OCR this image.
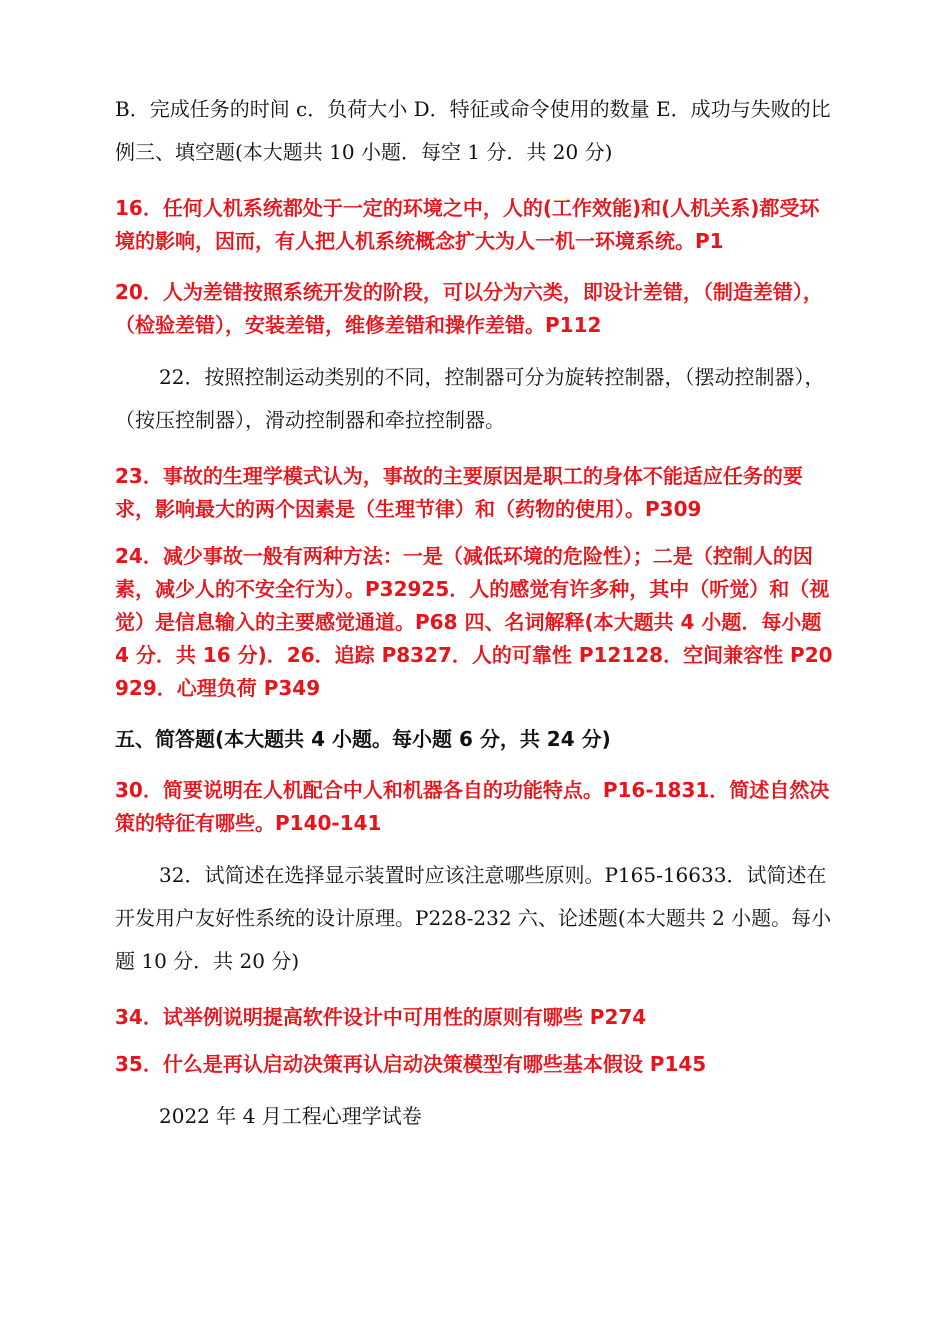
B．完成任务的时间 c．负荷大小 D．特征或命令使用的数量 E．成功与失败的比例三、填空题(本大题共 10 小题．每空 1 分．共 20 分)

16．任何人机系统都处于一定的环境之中，人的(工作效能)和(人机关系)都受环境的影响，因而，有人把人机系统概念扩大为人一机一环境系统。P1

20．人为差错按照系统开发的阶段，可以分为六类，即设计差错，（制造差错），（检验差错），安装差错，维修差错和操作差错。P112

22．按照控制运动类别的不同，控制器可分为旋转控制器，（摆动控制器），（按压控制器），滑动控制器和牵拉控制器。

23．事故的生理学模式认为，事故的主要原因是职工的身体不能适应任务的要求，影响最大的两个因素是（生理节律）和（药物的使用）。P309

24．减少事故一般有两种方法：一是（减低环境的危险性）；二是（控制人的因素，减少人的不安全行为）。P32925．人的感觉有许多种，其中（听觉）和（视觉）是信息输入的主要感觉通道。P68 四、名词解释(本大题共 4 小题．每小题 4 分．共 16 分)．26．追踪 P8327．人的可靠性 P12128．空间兼容性 P20929．心理负荷 P349

五、简答题(本大题共 4 小题。每小题 6 分，共 24 分)

30．简要说明在人机配合中人和机器各自的功能特点。P16-1831．简述自然决策的特征有哪些。P140-141

32．试简述在选择显示装置时应该注意哪些原则。P165-16633．试简述在开发用户友好性系统的设计原理。P228-232 六、论述题(本大题共 2 小题。每小题 10 分．共 20 分)

34．试举例说明提高软件设计中可用性的原则有哪些 P274

35．什么是再认启动决策再认启动决策模型有哪些基本假设 P145

2022 年 4 月工程心理学试卷
